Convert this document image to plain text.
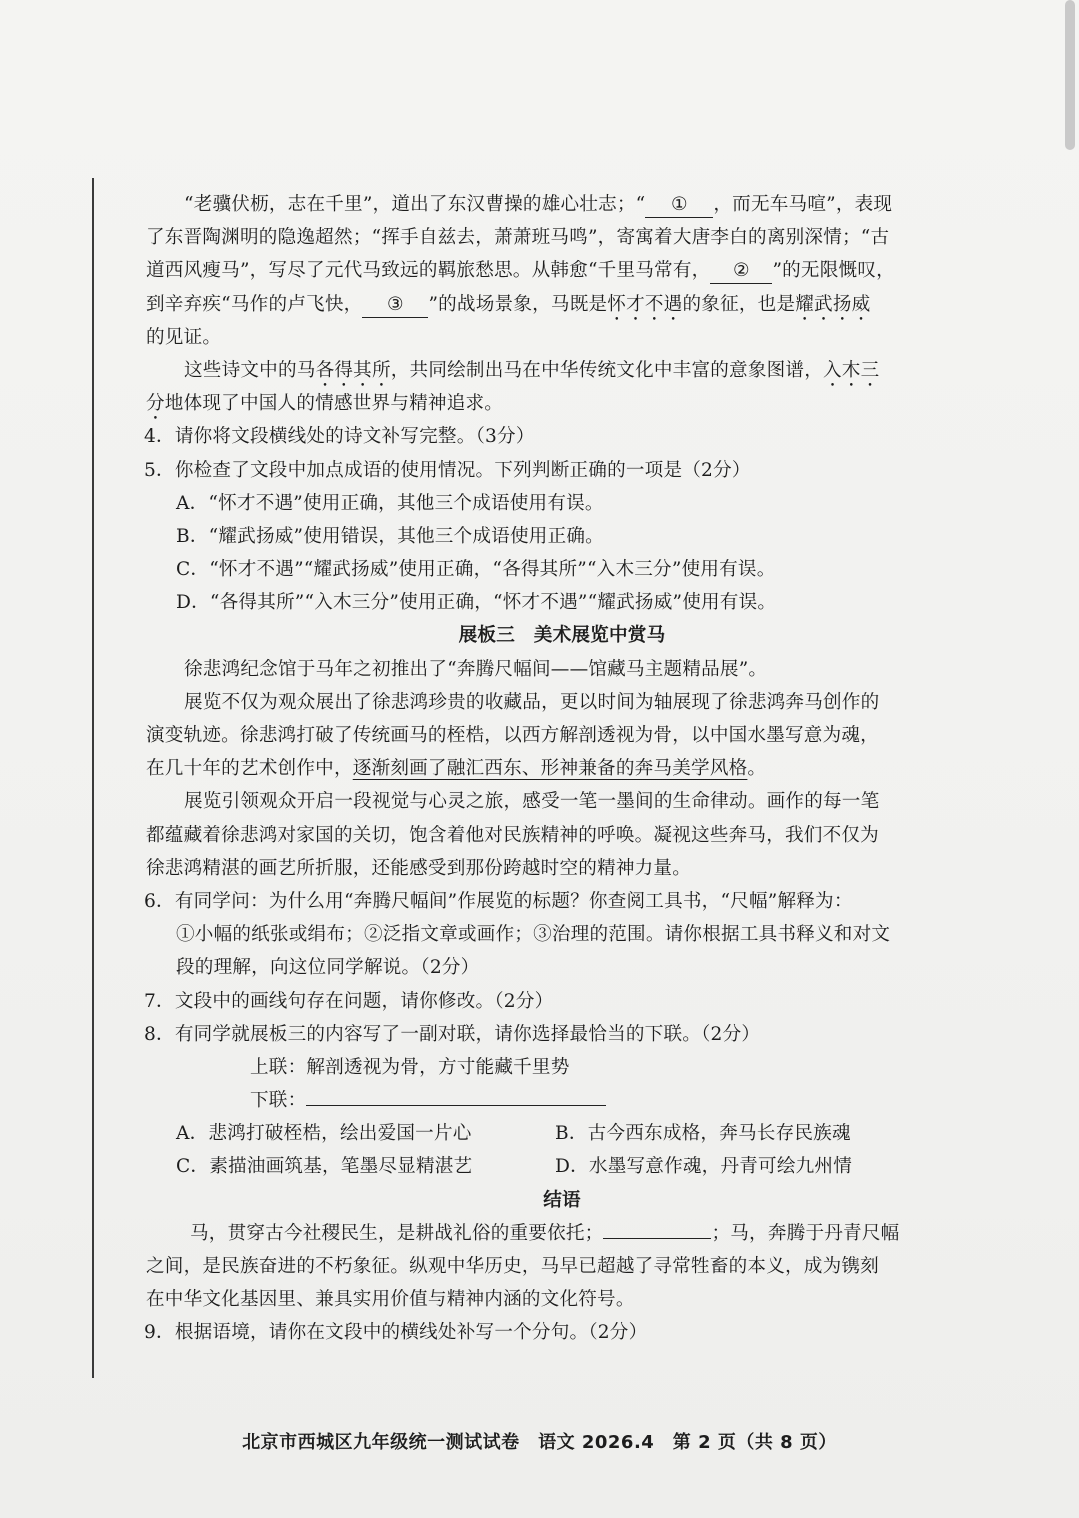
“老骥伏枥，志在千里”，道出了东汉曹操的雄心壮志；“ ① ，而无车马喧”，表现
了东晋陶渊明的隐逸超然；“挥手自兹去，萧萧班马鸣”，寄寓着大唐李白的离别深情；“古
道西风瘦马”，写尽了元代马致远的羁旅愁思。从韩愈“千里马常有， ② ”的无限慨叹，
到辛弃疾“马作的卢飞快， ③ ”的战场景象，马既是怀才不遇的象征，也是耀武扬威
的见证。
这些诗文中的马各得其所，共同绘制出马在中华传统文化中丰富的意象图谱，入木三
分地体现了中国人的情感世界与精神追求。
4．请你将文段横线处的诗文补写完整。（3分）
5．你检查了文段中加点成语的使用情况。下列判断正确的一项是（2分）
A．“怀才不遇”使用正确，其他三个成语使用有误。
B．“耀武扬威”使用错误，其他三个成语使用正确。
C．“怀才不遇”“耀武扬威”使用正确，“各得其所”“入木三分”使用有误。
D．“各得其所”“入木三分”使用正确，“怀才不遇”“耀武扬威”使用有误。
展板三　美术展览中赏马
徐悲鸿纪念馆于马年之初推出了“奔腾尺幅间——馆藏马主题精品展”。
展览不仅为观众展出了徐悲鸿珍贵的收藏品，更以时间为轴展现了徐悲鸿奔马创作的
演变轨迹。徐悲鸿打破了传统画马的桎梏，以西方解剖透视为骨，以中国水墨写意为魂，
在几十年的艺术创作中，逐渐刻画了融汇西东、形神兼备的奔马美学风格。
展览引领观众开启一段视觉与心灵之旅，感受一笔一墨间的生命律动。画作的每一笔
都蕴藏着徐悲鸿对家国的关切，饱含着他对民族精神的呼唤。凝视这些奔马，我们不仅为
徐悲鸿精湛的画艺所折服，还能感受到那份跨越时空的精神力量。
6．有同学问：为什么用“奔腾尺幅间”作展览的标题？你查阅工具书，“尺幅”解释为：
①小幅的纸张或绢布；②泛指文章或画作；③治理的范围。请你根据工具书释义和对文
段的理解，向这位同学解说。（2分）
7．文段中的画线句存在问题，请你修改。（2分）
8．有同学就展板三的内容写了一副对联，请你选择最恰当的下联。（2分）
上联：解剖透视为骨，方寸能藏千里势
下联：
A．悲鸿打破桎梏，绘出爱国一片心	B．古今西东成格，奔马长存民族魂
C．素描油画筑基，笔墨尽显精湛艺	D．水墨写意作魂，丹青可绘九州情
结语
马，贯穿古今社稷民生，是耕战礼俗的重要依托；	；马，奔腾于丹青尺幅
之间，是民族奋进的不朽象征。纵观中华历史，马早已超越了寻常牲畜的本义，成为镌刻
在中华文化基因里、兼具实用价值与精神内涵的文化符号。
9．根据语境，请你在文段中的横线处补写一个分句。（2分）
北京市西城区九年级统一测试试卷　语文 2026.4　第 2 页（共 8 页）
